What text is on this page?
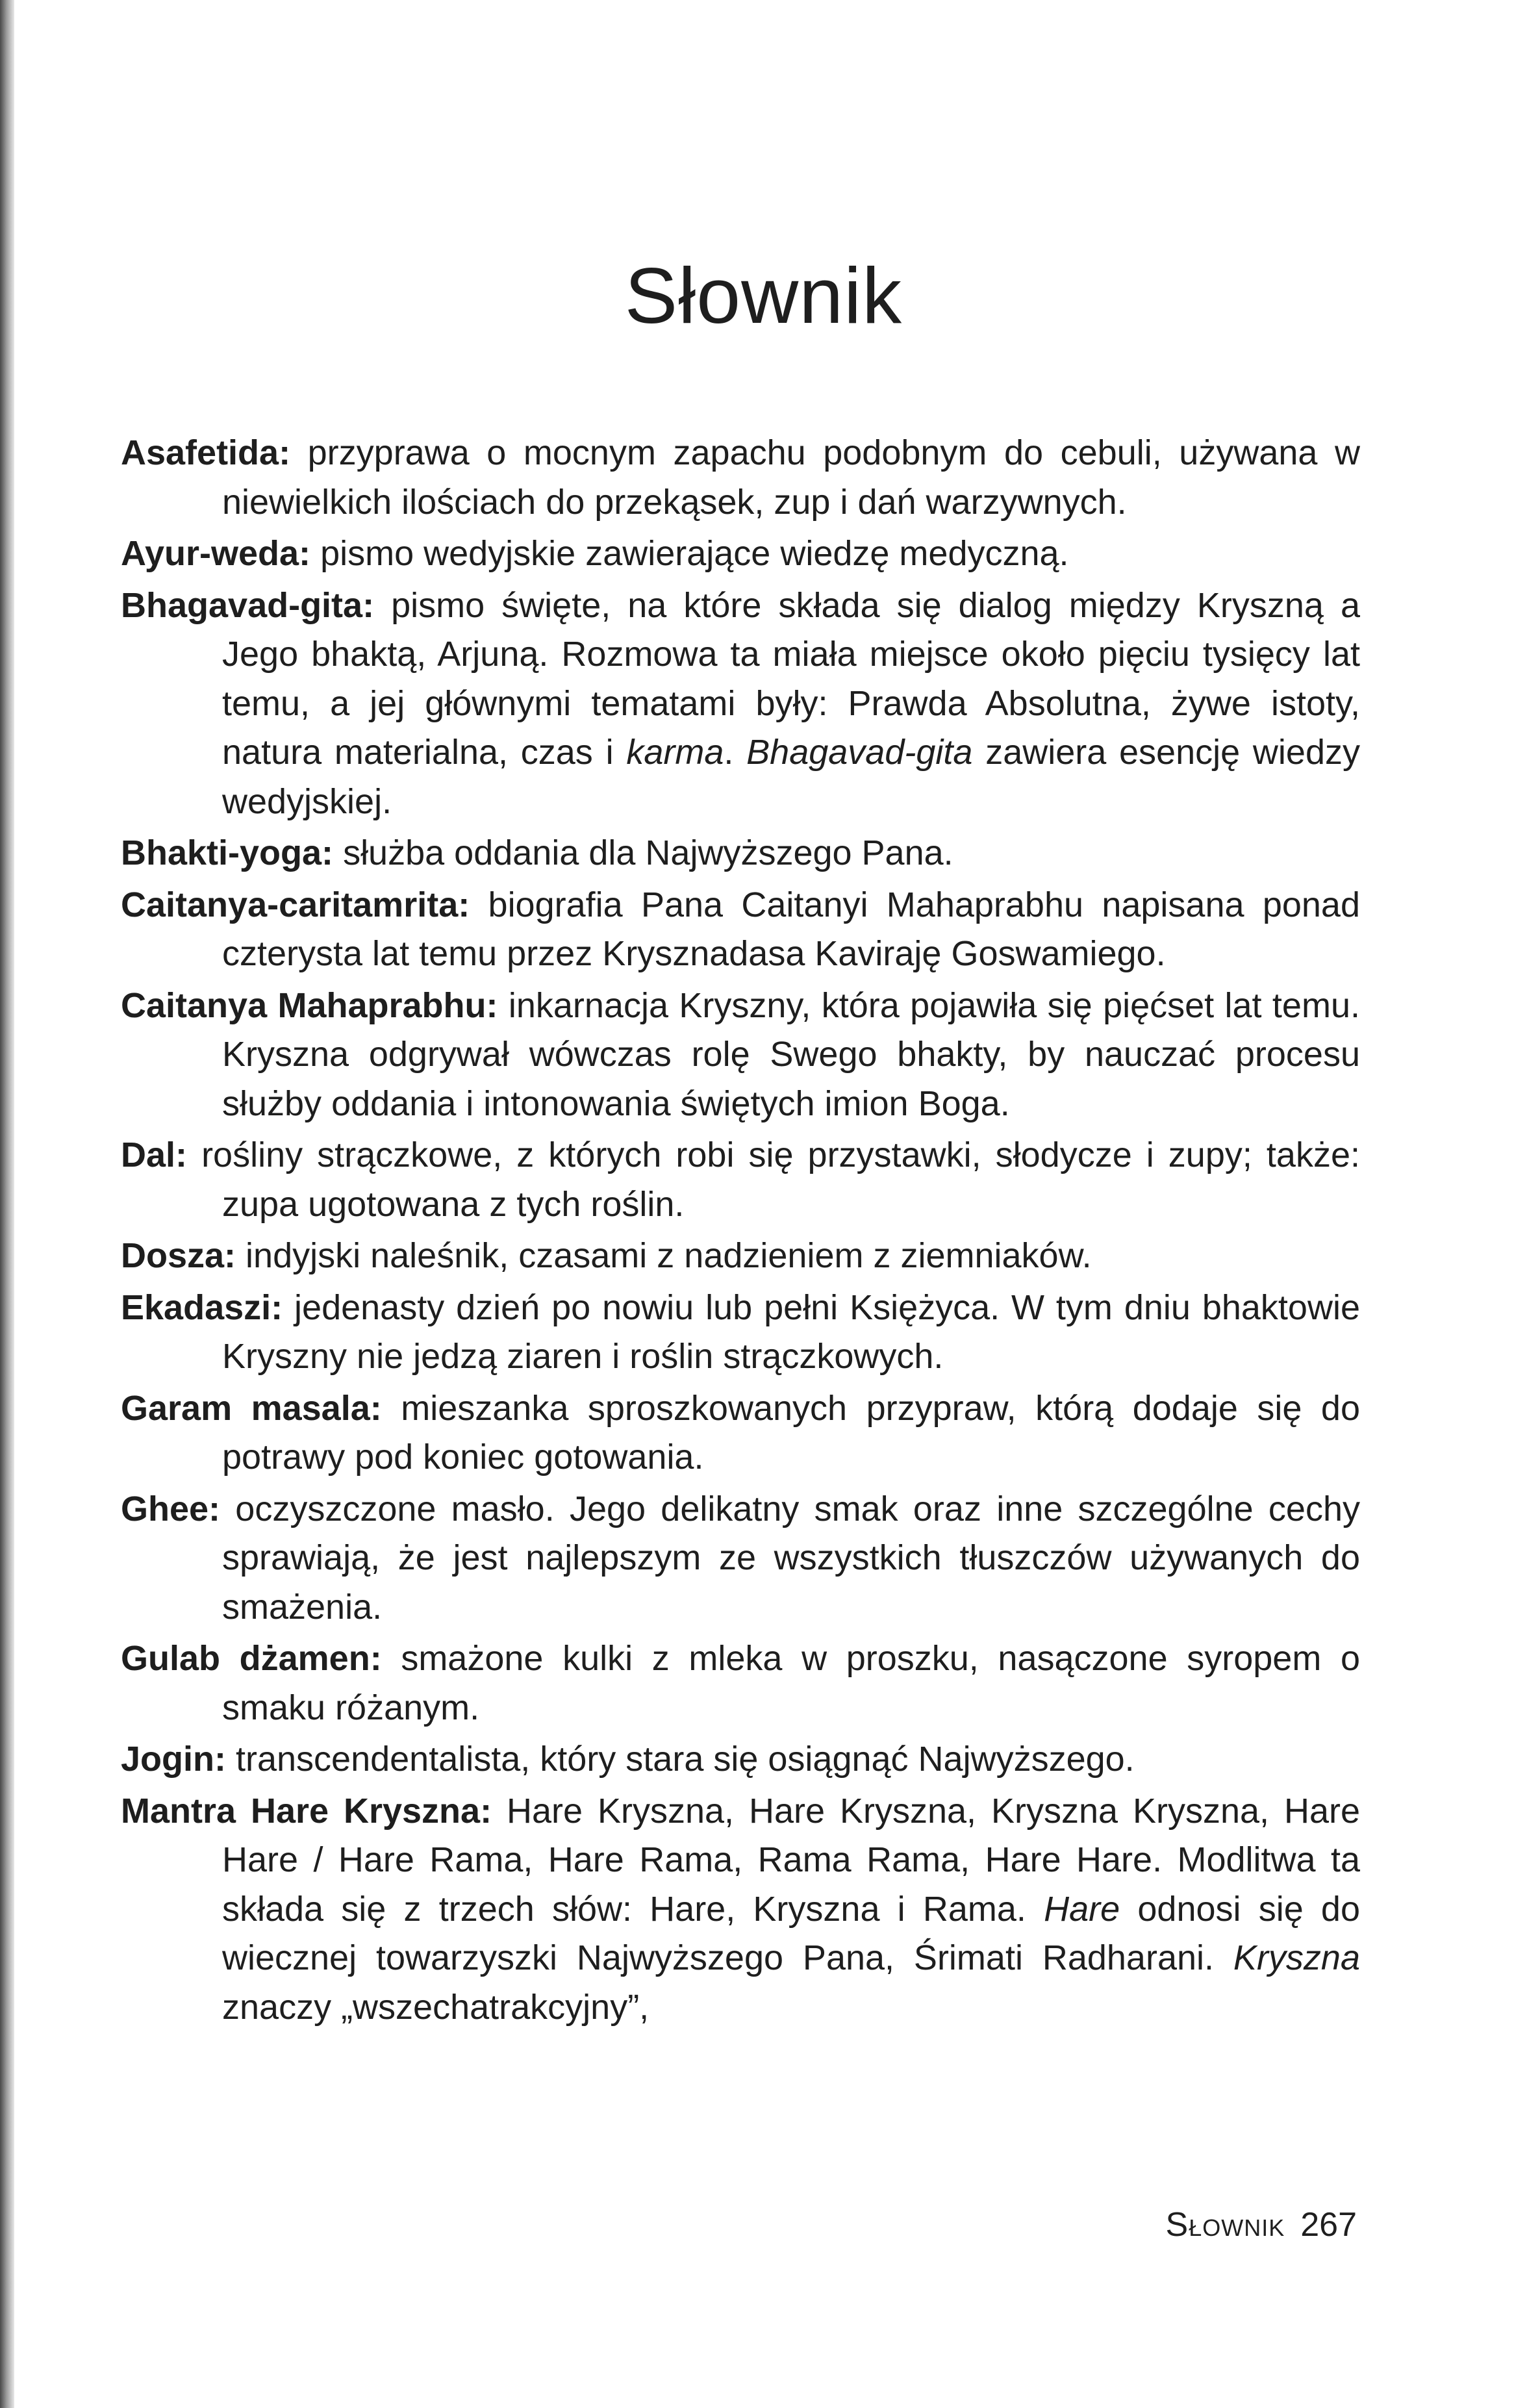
Słownik
Asafetida: przyprawa o mocnym zapachu podobnym do cebuli, używana w niewielkich ilościach do przekąsek, zup i dań warzywnych.
Ayur-weda: pismo wedyjskie zawierające wiedzę medyczną.
Bhagavad-gita: pismo święte, na które składa się dialog między Kryszną a Jego bhaktą, Arjuną. Rozmowa ta miała miejsce około pięciu tysięcy lat temu, a jej głównymi tematami były: Prawda Absolutna, żywe istoty, natura materialna, czas i karma. Bhagavad-gita zawiera esencję wiedzy wedyjskiej.
Bhakti-yoga: służba oddania dla Najwyższego Pana.
Caitanya-caritamrita: biografia Pana Caitanyi Mahaprabhu napisana ponad czterysta lat temu przez Krysznadasa Kaviraję Goswamiego.
Caitanya Mahaprabhu: inkarnacja Kryszny, która pojawiła się pięćset lat temu. Kryszna odgrywał wówczas rolę Swego bhakty, by nauczać procesu służby oddania i intonowania świętych imion Boga.
Dal: rośliny strączkowe, z których robi się przystawki, słodycze i zupy; także: zupa ugotowana z tych roślin.
Dosza: indyjski naleśnik, czasami z nadzieniem z ziemniaków.
Ekadaszi: jedenasty dzień po nowiu lub pełni Księżyca. W tym dniu bhaktowie Kryszny nie jedzą ziaren i roślin strączkowych.
Garam masala: mieszanka sproszkowanych przypraw, którą dodaje się do potrawy pod koniec gotowania.
Ghee: oczyszczone masło. Jego delikatny smak oraz inne szczególne cechy sprawiają, że jest najlepszym ze wszystkich tłuszczów używanych do smażenia.
Gulab dżamen: smażone kulki z mleka w proszku, nasączone syropem o smaku różanym.
Jogin: transcendentalista, który stara się osiągnąć Najwyższego.
Mantra Hare Kryszna: Hare Kryszna, Hare Kryszna, Kryszna Kryszna, Hare Hare / Hare Rama, Hare Rama, Rama Rama, Hare Hare. Modlitwa ta składa się z trzech słów: Hare, Kryszna i Rama. Hare odnosi się do wiecznej towarzyszki Najwyższego Pana, Śrimati Radharani. Kryszna znaczy „wszechatrakcyjny”,
Słownik 267
